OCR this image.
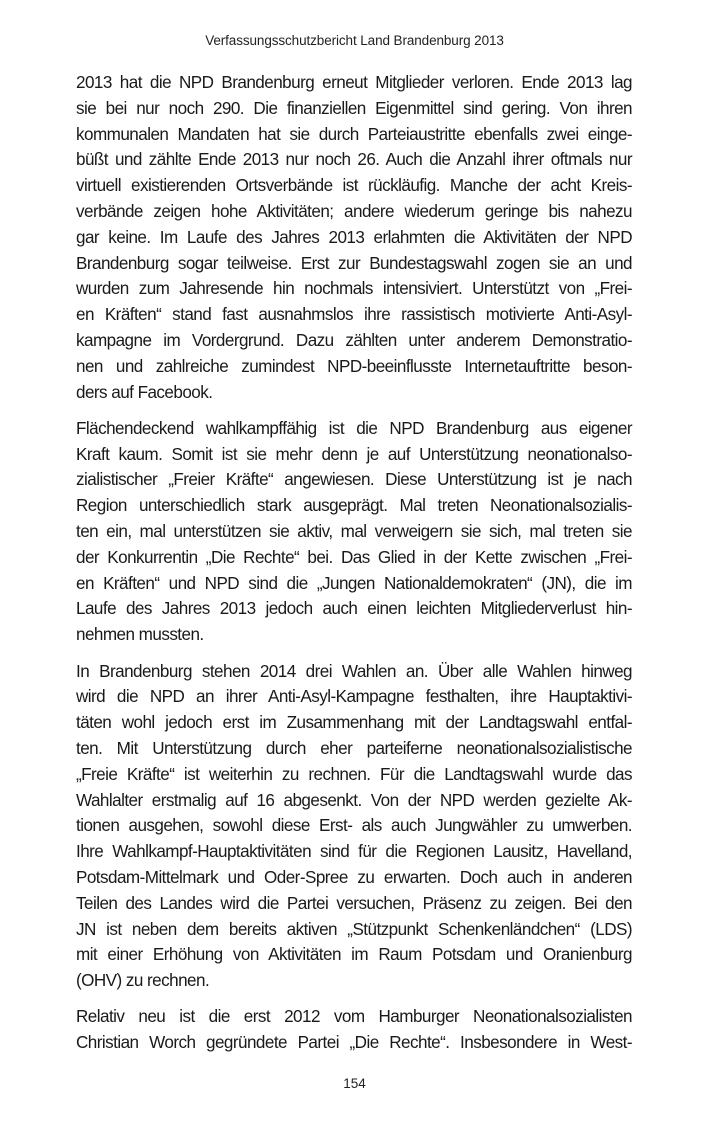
Verfassungsschutzbericht Land Brandenburg 2013

2013 hat die NPD Brandenburg erneut Mitglieder verloren. Ende 2013 lag
sie bei nur noch 290. Die finanziellen Eigenmittel sind gering. Von ihren
kommunalen Mandaten hat sie durch Parteiaustritte ebenfalls zwei einge-
büßt und zählte Ende 2013 nur noch 26. Auch die Anzahl ihrer oftmals nur
virtuell existierenden Ortsverbände ist rückläufig. Manche der acht Kreis-
verbände zeigen hohe Aktivitäten; andere wiederum geringe bis nahezu
gar keine. Im Laufe des Jahres 2013 erlahmten die Aktivitäten der NPD
Brandenburg sogar teilweise. Erst zur Bundestagswahl zogen sie an und
wurden zum Jahresende hin nochmals intensiviert. Unterstützt von „Frei-
en Kräften“ stand fast ausnahmslos ihre rassistisch motivierte Anti-Asyl-
kampagne im Vordergrund. Dazu zählten unter anderem Demonstratio-
nen und zahlreiche zumindest NPD-beeinflusste Internetauftritte beson-
ders auf Facebook.

Flächendeckend wahlkampffähig ist die NPD Brandenburg aus eigener
Kraft kaum. Somit ist sie mehr denn je auf Unterstützung neonationalso-
zialistischer „Freier Kräfte“ angewiesen. Diese Unterstützung ist je nach
Region unterschiedlich stark ausgeprägt. Mal treten Neonationalsozialis-
ten ein, mal unterstützen sie aktiv, mal verweigern sie sich, mal treten sie
der Konkurrentin „Die Rechte“ bei. Das Glied in der Kette zwischen „Frei-
en Kräften“ und NPD sind die „Jungen Nationaldemokraten“ (JN), die im
Laufe des Jahres 2013 jedoch auch einen leichten Mitgliederverlust hin-
nehmen mussten.

In Brandenburg stehen 2014 drei Wahlen an. Über alle Wahlen hinweg
wird die NPD an ihrer Anti-Asyl-Kampagne festhalten, ihre Hauptaktivi-
täten wohl jedoch erst im Zusammenhang mit der Landtagswahl entfal-
ten. Mit Unterstützung durch eher parteiferne neonationalsozialistische
„Freie Kräfte“ ist weiterhin zu rechnen. Für die Landtagswahl wurde das
Wahlalter erstmalig auf 16 abgesenkt. Von der NPD werden gezielte Ak-
tionen ausgehen, sowohl diese Erst- als auch Jungwähler zu umwerben.
Ihre Wahlkampf-Hauptaktivitäten sind für die Regionen Lausitz, Havelland,
Potsdam-Mittelmark und Oder-Spree zu erwarten. Doch auch in anderen
Teilen des Landes wird die Partei versuchen, Präsenz zu zeigen. Bei den
JN ist neben dem bereits aktiven „Stützpunkt Schenkenländchen“ (LDS)
mit einer Erhöhung von Aktivitäten im Raum Potsdam und Oranienburg
(OHV) zu rechnen.

Relativ neu ist die erst 2012 vom Hamburger Neonationalsozialisten
Christian Worch gegründete Partei „Die Rechte“. Insbesondere in West-

154
